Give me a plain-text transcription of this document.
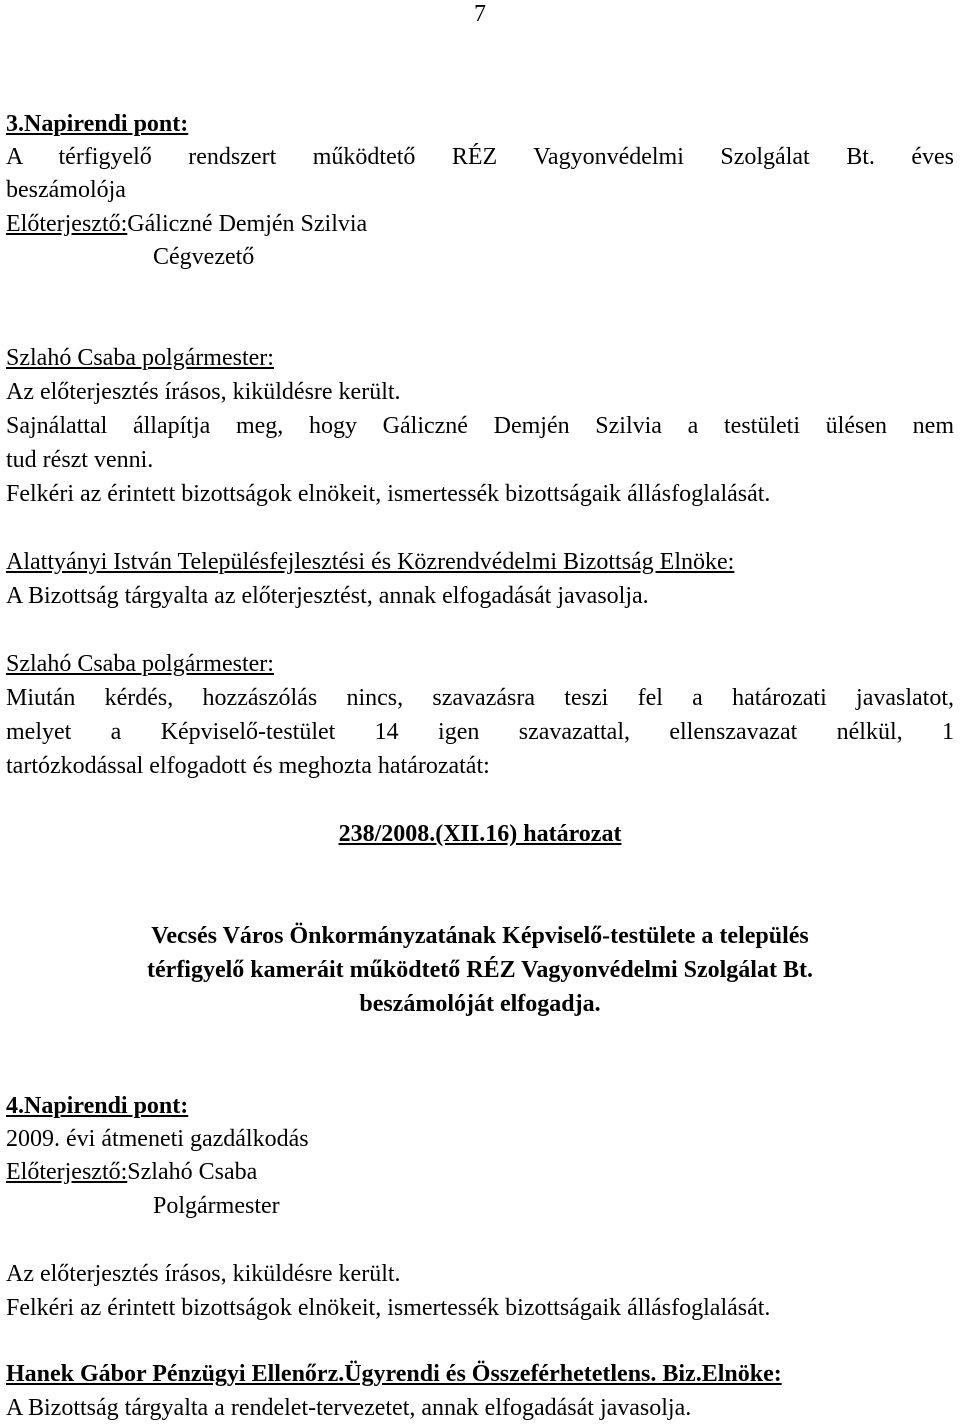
7
3.Napirendi pont:
A térfigyelő rendszert működtető RÉZ Vagyonvédelmi Szolgálat Bt. éves
beszámolója
Előterjesztő:Gáliczné Demjén Szilvia
Cégvezető
Szlahó Csaba polgármester:
Az előterjesztés írásos, kiküldésre került.
Sajnálattal állapítja meg, hogy Gáliczné Demjén Szilvia a testületi ülésen nem
tud részt venni.
Felkéri az érintett bizottságok elnökeit, ismertessék bizottságaik állásfoglalását.
Alattyányi István Településfejlesztési és Közrendvédelmi Bizottság Elnöke:
A Bizottság tárgyalta az előterjesztést, annak elfogadását javasolja.
Szlahó Csaba polgármester:
Miután kérdés, hozzászólás nincs, szavazásra teszi fel a határozati javaslatot,
melyet a Képviselő-testület 14 igen szavazattal, ellenszavazat nélkül, 1
tartózkodással elfogadott és meghozta határozatát:
238/2008.(XII.16) határozat
Vecsés Város Önkormányzatának Képviselő-testülete a település
térfigyelő kameráit működtető RÉZ Vagyonvédelmi Szolgálat Bt.
beszámolóját elfogadja.
4.Napirendi pont:
2009. évi átmeneti gazdálkodás
Előterjesztő:Szlahó Csaba
Polgármester
Az előterjesztés írásos, kiküldésre került.
Felkéri az érintett bizottságok elnökeit, ismertessék bizottságaik állásfoglalását.
Hanek Gábor Pénzügyi Ellenőrz.Ügyrendi és Összeférhetetlens. Biz.Elnöke:
A Bizottság tárgyalta a rendelet-tervezetet, annak elfogadását javasolja.
